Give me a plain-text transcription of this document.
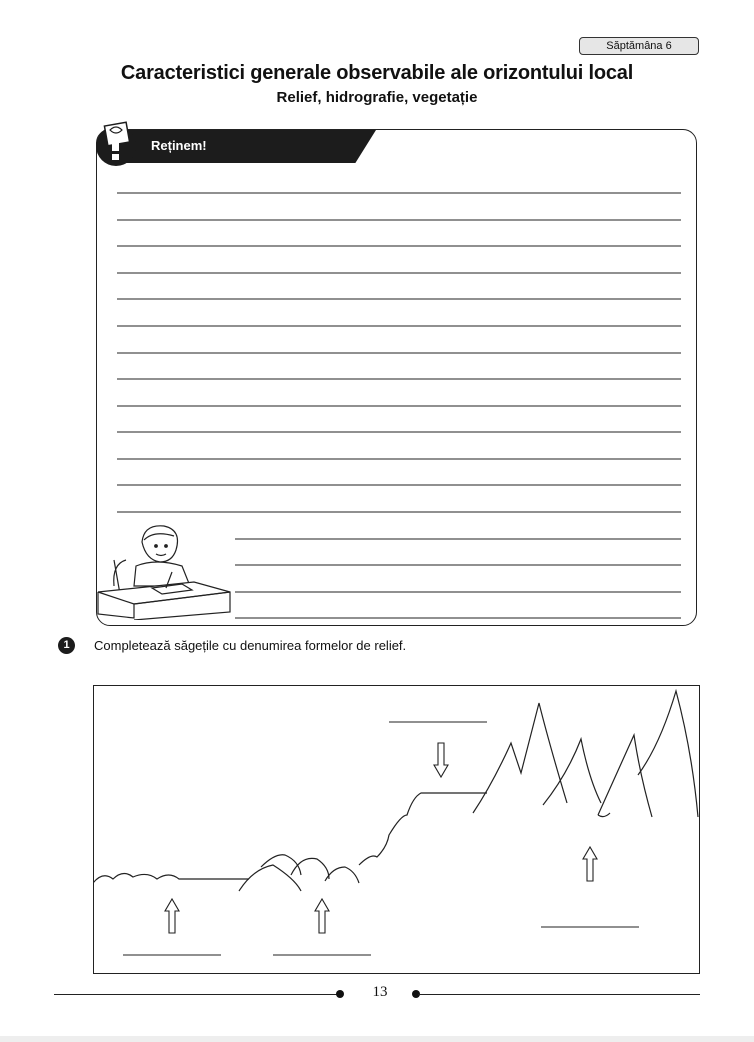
Săptămâna 6
Caracteristici generale observabile ale orizontului local
Relief, hidrografie, vegetație
Reținem!
1	Completează săgețile cu denumirea formelor de relief.
13
